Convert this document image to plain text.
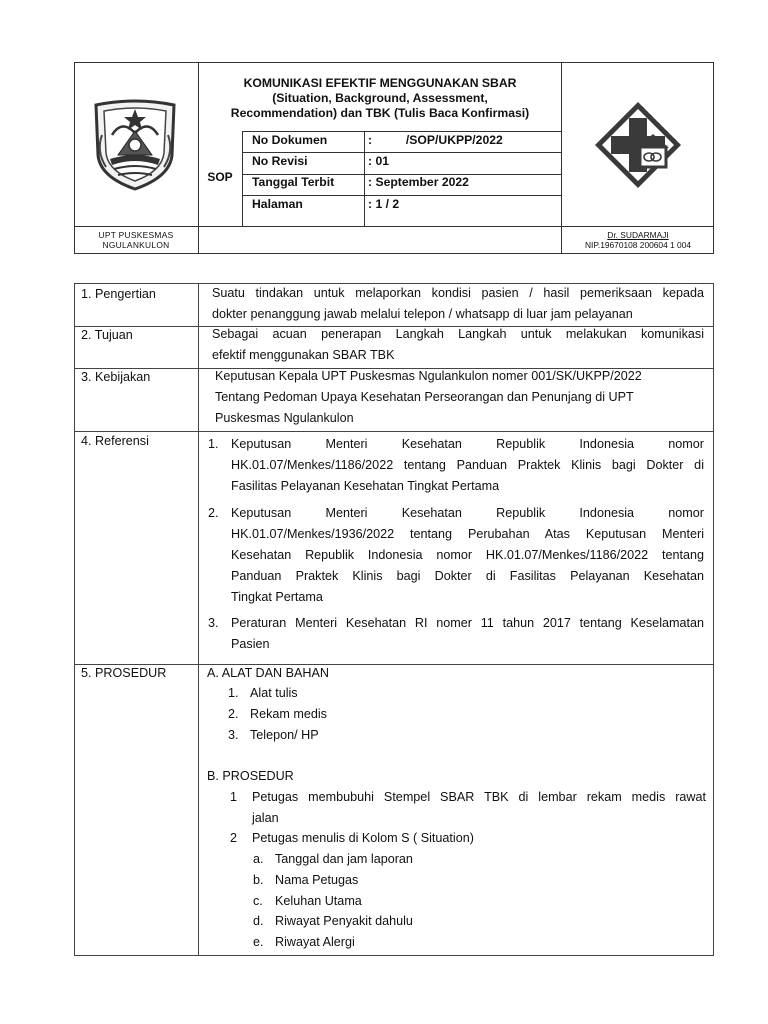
KOMUNIKASI EFEKTIF MENGGUNAKAN SBAR
(Situation, Background, Assessment,
Recommendation) dan TBK (Tulis Baca Konfirmasi)
SOP
No Dokumen	:          /SOP/UKPP/2022
No Revisi	: 01
Tanggal Terbit	: September 2022
Halaman	: 1 / 2
UPT PUSKESMAS
NGULANKULON
Dr. SUDARMAJI
NIP.19670108 200604 1 004
1. Pengertian	Suatu tindakan untuk melaporkan kondisi pasien / hasil pemeriksaan kepada
dokter penanggung jawab melalui telepon / whatsapp di luar jam pelayanan
2. Tujuan	Sebagai acuan penerapan Langkah Langkah untuk melakukan komunikasi
efektif menggunakan SBAR TBK
3. Kebijakan	Keputusan Kepala UPT Puskesmas Ngulankulon nomer 001/SK/UKPP/2022
Tentang Pedoman Upaya Kesehatan Perseorangan dan Penunjang di UPT
Puskesmas Ngulankulon
4. Referensi	1. Keputusan Menteri Kesehatan Republik Indonesia nomor
HK.01.07/Menkes/1186/2022 tentang Panduan Praktek Klinis bagi Dokter di
Fasilitas Pelayanan Kesehatan Tingkat Pertama
2. Keputusan Menteri Kesehatan Republik Indonesia nomor
HK.01.07/Menkes/1936/2022 tentang Perubahan Atas Keputusan Menteri
Kesehatan Republik Indonesia nomor HK.01.07/Menkes/1186/2022 tentang
Panduan Praktek Klinis bagi Dokter di Fasilitas Pelayanan Kesehatan
Tingkat Pertama
3. Peraturan Menteri Kesehatan RI nomer 11 tahun 2017 tentang Keselamatan
Pasien
5. PROSEDUR	A. ALAT DAN BAHAN
1. Alat tulis
2. Rekam medis
3. Telepon/ HP
B. PROSEDUR
1 Petugas membubuhi Stempel SBAR TBK di lembar rekam medis rawat
jalan
2 Petugas menulis di Kolom S ( Situation)
a. Tanggal dan jam laporan
b. Nama Petugas
c. Keluhan Utama
d. Riwayat Penyakit dahulu
e. Riwayat Alergi
